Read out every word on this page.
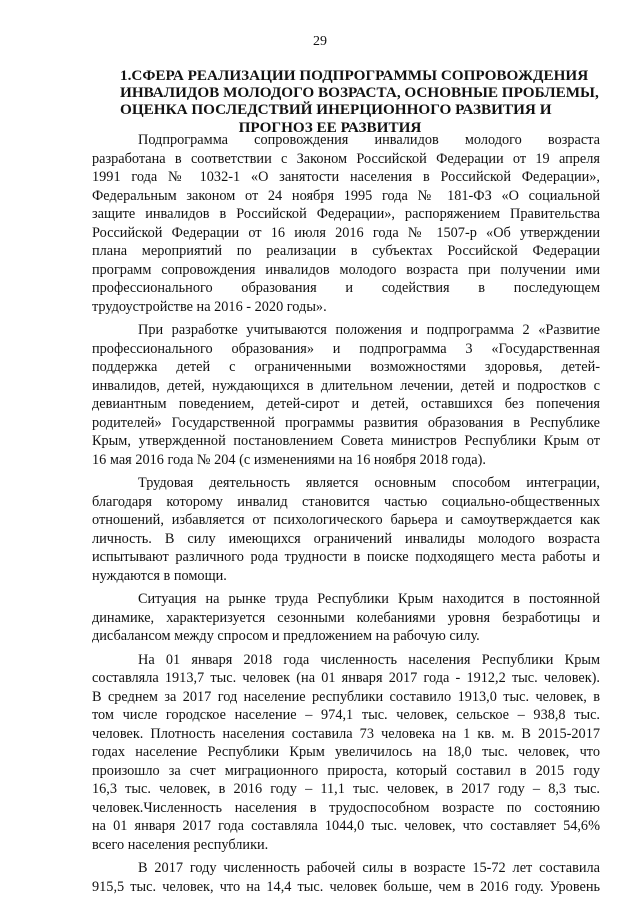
29
1.СФЕРА РЕАЛИЗАЦИИ ПОДПРОГРАММЫ СОПРОВОЖДЕНИЯ
ИНВАЛИДОВ МОЛОДОГО ВОЗРАСТА, ОСНОВНЫЕ ПРОБЛЕМЫ,
ОЦЕНКА ПОСЛЕДСТВИЙ ИНЕРЦИОННОГО РАЗВИТИЯ И
ПРОГНОЗ ЕЕ РАЗВИТИЯ
Подпрограмма сопровождения инвалидов молодого возраста
разработана в соответствии с Законом Российской Федерации от 19 апреля
1991 года № 1032-1 «О занятости населения в Российской Федерации»,
Федеральным законом от 24 ноября 1995 года № 181-ФЗ «О социальной
защите инвалидов в Российской Федерации», распоряжением Правительства
Российской Федерации от 16 июля 2016 года № 1507-р «Об утверждении
плана мероприятий по реализации в субъектах Российской Федерации
программ сопровождения инвалидов молодого возраста при получении ими
профессионального образования и содействия в последующем
трудоустройстве на 2016 - 2020 годы».
При разработке учитываются положения и подпрограмма 2 «Развитие
профессионального образования» и подпрограмма 3 «Государственная
поддержка детей с ограниченными возможностями здоровья, детей-
инвалидов, детей, нуждающихся в длительном лечении, детей и подростков с
девиантным поведением, детей-сирот и детей, оставшихся без попечения
родителей» Государственной программы развития образования в Республике
Крым, утвержденной постановлением Совета министров Республики Крым от
16 мая 2016 года № 204 (с изменениями на 16 ноября 2018 года).
Трудовая деятельность является основным способом интеграции,
благодаря которому инвалид становится частью социально-общественных
отношений, избавляется от психологического барьера и самоутверждается как
личность. В силу имеющихся ограничений инвалиды молодого возраста
испытывают различного рода трудности в поиске подходящего места работы и
нуждаются в помощи.
Ситуация на рынке труда Республики Крым находится в постоянной
динамике, характеризуется сезонными колебаниями уровня безработицы и
дисбалансом между спросом и предложением на рабочую силу.
На 01 января 2018 года численность населения Республики Крым
составляла 1913,7 тыс. человек (на 01 января 2017 года - 1912,2 тыс. человек).
В среднем за 2017 год население республики составило 1913,0 тыс. человек, в
том числе городское население – 974,1 тыс. человек, сельское – 938,8 тыс.
человек. Плотность населения составила 73 человека на 1 кв. м. В 2015-2017
годах население Республики Крым увеличилось на 18,0 тыс. человек, что
произошло за счет миграционного прироста, который составил в 2015 году
16,3 тыс. человек, в 2016 году – 11,1 тыс. человек, в 2017 году – 8,3 тыс.
человек.Численность населения в трудоспособном возрасте по состоянию
на 01 января 2017 года составляла 1044,0 тыс. человек, что составляет 54,6%
всего населения республики.
В 2017 году численность рабочей силы в возрасте 15-72 лет составила
915,5 тыс. человек, что на 14,4 тыс. человек больше, чем в 2016 году. Уровень
